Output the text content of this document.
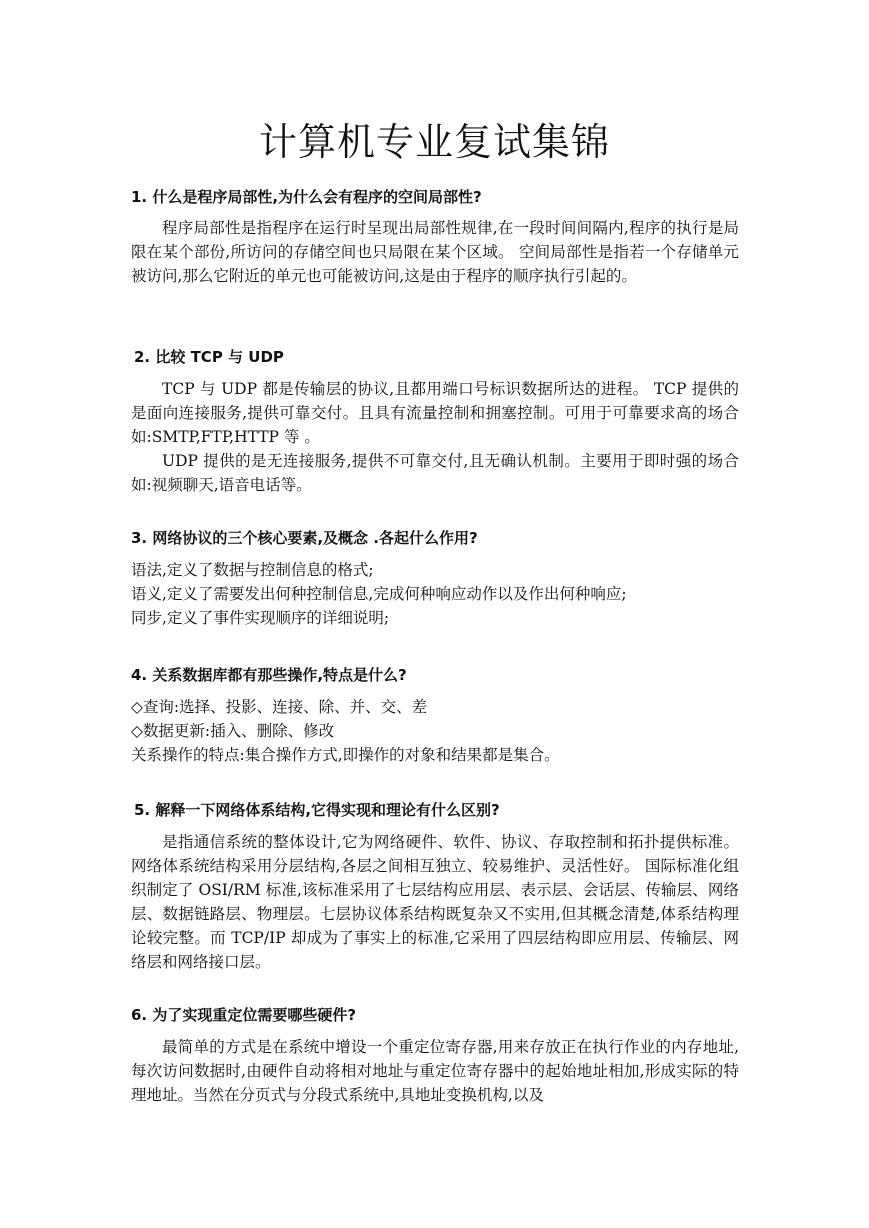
计算机专业复试集锦
1. 什么是程序局部性,为什么会有程序的空间局部性?

程序局部性是指程序在运行时呈现出局部性规律,在一段时间间隔内,程序的执行是局限在某个部份,所访问的存储空间也只局限在某个区域。 空间局部性是指若一个存储单元被访问,那么它附近的单元也可能被访问,这是由于程序的顺序执行引起的。

2. 比较 TCP 与 UDP

TCP 与 UDP 都是传输层的协议,且都用端口号标识数据所达的进程。 TCP 提供的是面向连接服务,提供可靠交付。且具有流量控制和拥塞控制。可用于可靠要求高的场合如:SMTP,FTP,HTTP 等 。

UDP 提供的是无连接服务,提供不可靠交付,且无确认机制。主要用于即时强的场合如:视频聊天,语音电话等。

3. 网络协议的三个核心要素,及概念 .各起什么作用?
语法,定义了数据与控制信息的格式;
语义,定义了需要发出何种控制信息,完成何种响应动作以及作出何种响应;
同步,定义了事件实现顺序的详细说明;
4. 关系数据库都有那些操作,特点是什么?
◇查询:选择、投影、连接、除、并、交、差
◇数据更新:插入、删除、修改
关系操作的特点:集合操作方式,即操作的对象和结果都是集合。
5. 解释一下网络体系结构,它得实现和理论有什么区别?

是指通信系统的整体设计,它为网络硬件、软件、协议、存取控制和拓扑提供标准。 网络体系统结构采用分层结构,各层之间相互独立、较易维护、灵活性好。 国际标准化组织制定了 OSI/RM 标准,该标准采用了七层结构应用层、表示层、会话层、传输层、网络层、数据链路层、物理层。七层协议体系结构既复杂又不实用,但其概念清楚,体系结构理论较完整。而 TCP/IP 却成为了事实上的标准,它采用了四层结构即应用层、传输层、网络层和网络接口层。

6. 为了实现重定位需要哪些硬件?

最简单的方式是在系统中增设一个重定位寄存器,用来存放正在执行作业的内存地址,每次访问数据时,由硬件自动将相对地址与重定位寄存器中的起始地址相加,形成实际的特理地址。当然在分页式与分段式系统中,具地址变换机构,以及
